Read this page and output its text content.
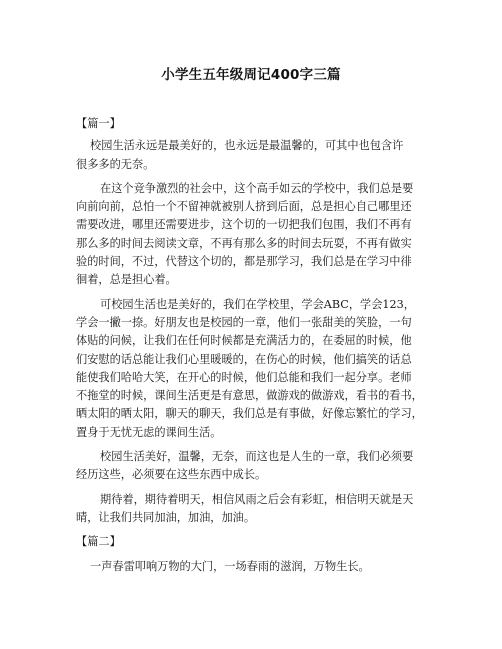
小学生五年级周记400字三篇
【篇一】
校园生活永远是最美好的，也永远是最温馨的，可其中也包含许
很多多的无奈。
在这个竞争激烈的社会中，这个高手如云的学校中，我们总是要
向前向前，总怕一个不留神就被别人挤到后面，总是担心自己哪里还
需要改进，哪里还需要进步，这个切的一切把我们包围，我们不再有
那么多的时间去阅读文章，不再有那么多的时间去玩耍，不再有做实
验的时间，不过，代替这个切的，都是那学习，我们总是在学习中徘
徊着，总是担心着。
可校园生活也是美好的，我们在学校里，学会ABC，学会123，
学会一撇一捺。好朋友也是校园的一章，他们一张甜美的笑脸，一句
体贴的问候，让我们在任何时候都是充满活力的，在委屈的时候，他
们安慰的话总能让我们心里暖暖的，在伤心的时候，他们搞笑的话总
能使我们哈哈大笑，在开心的时候，他们总能和我们一起分享。老师
不拖堂的时候，课间生活更是有意思，做游戏的做游戏，看书的看书，
晒太阳的晒太阳，聊天的聊天，我们总是有事做，好像忘繁忙的学习，
置身于无忧无虑的课间生活。
校园生活美好，温馨，无奈，而这也是人生的一章，我们必须要
经历这些，必须要在这些东西中成长。
期待着，期待着明天，相信风雨之后会有彩虹，相信明天就是天
晴，让我们共同加油，加油，加油。
【篇二】
一声春雷叩响万物的大门，一场春雨的滋润，万物生长。
